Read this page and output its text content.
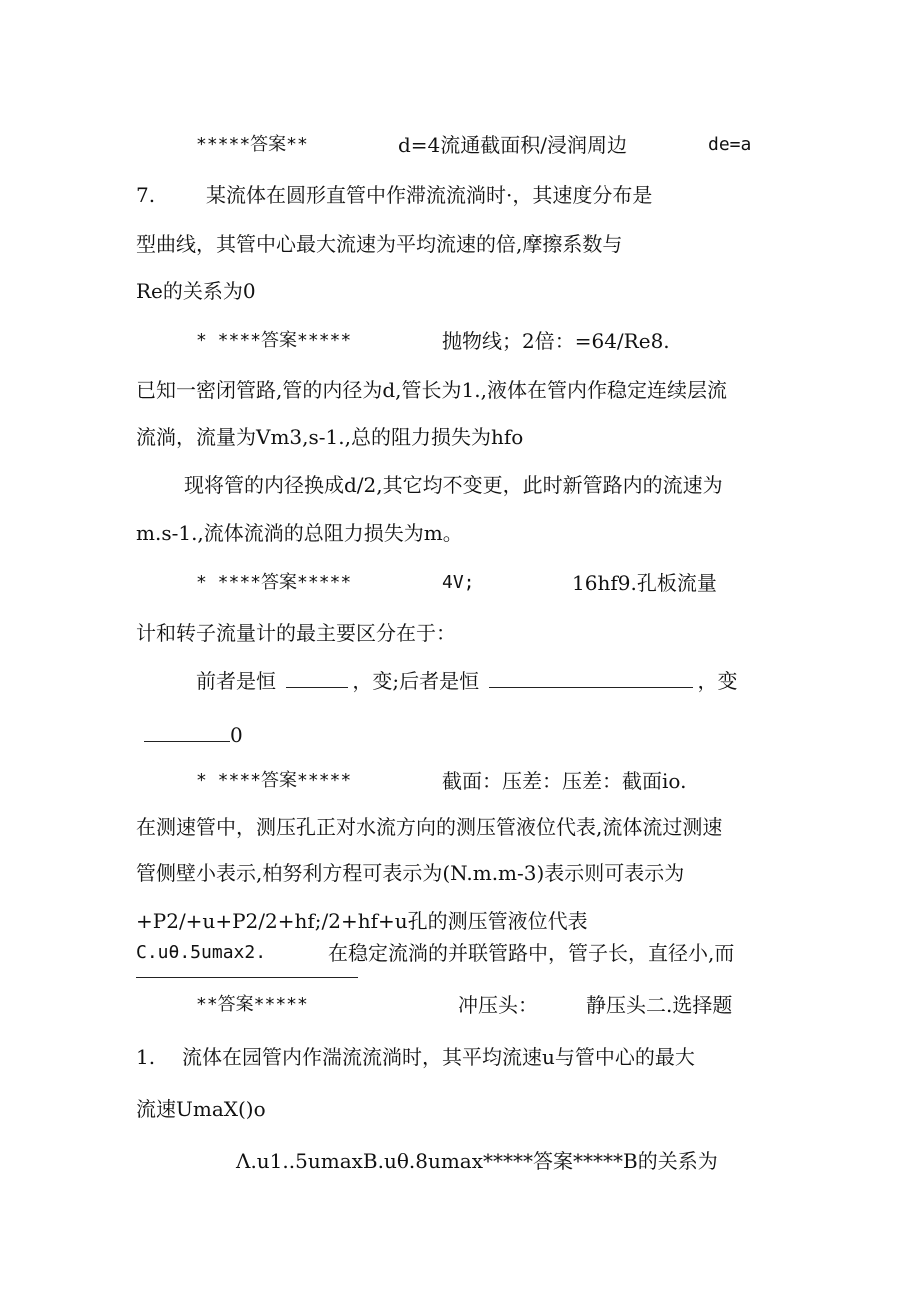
*****答案**	d=4流通截面积/浸润周边	de=a
7.	某流体在圆形直管中作滞流流淌时·，其速度分布是
型曲线，其管中心最大流速为平均流速的倍,摩擦系数与
Re的关系为0
* ****答案*****	抛物线；2倍：=64/Re8.
已知一密闭管路,管的内径为d,管长为1.,液体在管内作稳定连续层流
流淌，流量为Vm3,s-1.,总的阻力损失为hfo
现将管的内径换成d/2,其它均不变更，此时新管路内的流速为
m.s-1.,流体流淌的总阻力损失为m。
* ****答案*****	4V;	16hf9.孔板流量
计和转子流量计的最主要区分在于：
前者是恒	，变;后者是恒	，变
0
* ****答案*****	截面：压差：压差：截面io.
在测速管中，测压孔正对水流方向的测压管液位代表,流体流过测速
管侧壁小表示,柏努利方程可表示为(N.m.m-3)表示则可表示为
+P2/+u+P2/2+hf;/2+hf+u孔的测压管液位代表
C.uθ.5umax2.	在稳定流淌的并联管路中，管子长，直径小,而
**答案*****	冲压头： 静压头二.选择题
1. 流体在园管内作湍流流淌时，其平均流速u与管中心的最大
流速UmaX()o
Λ.u1..5umaxB.uθ.8umax*****答案*****B的关系为
